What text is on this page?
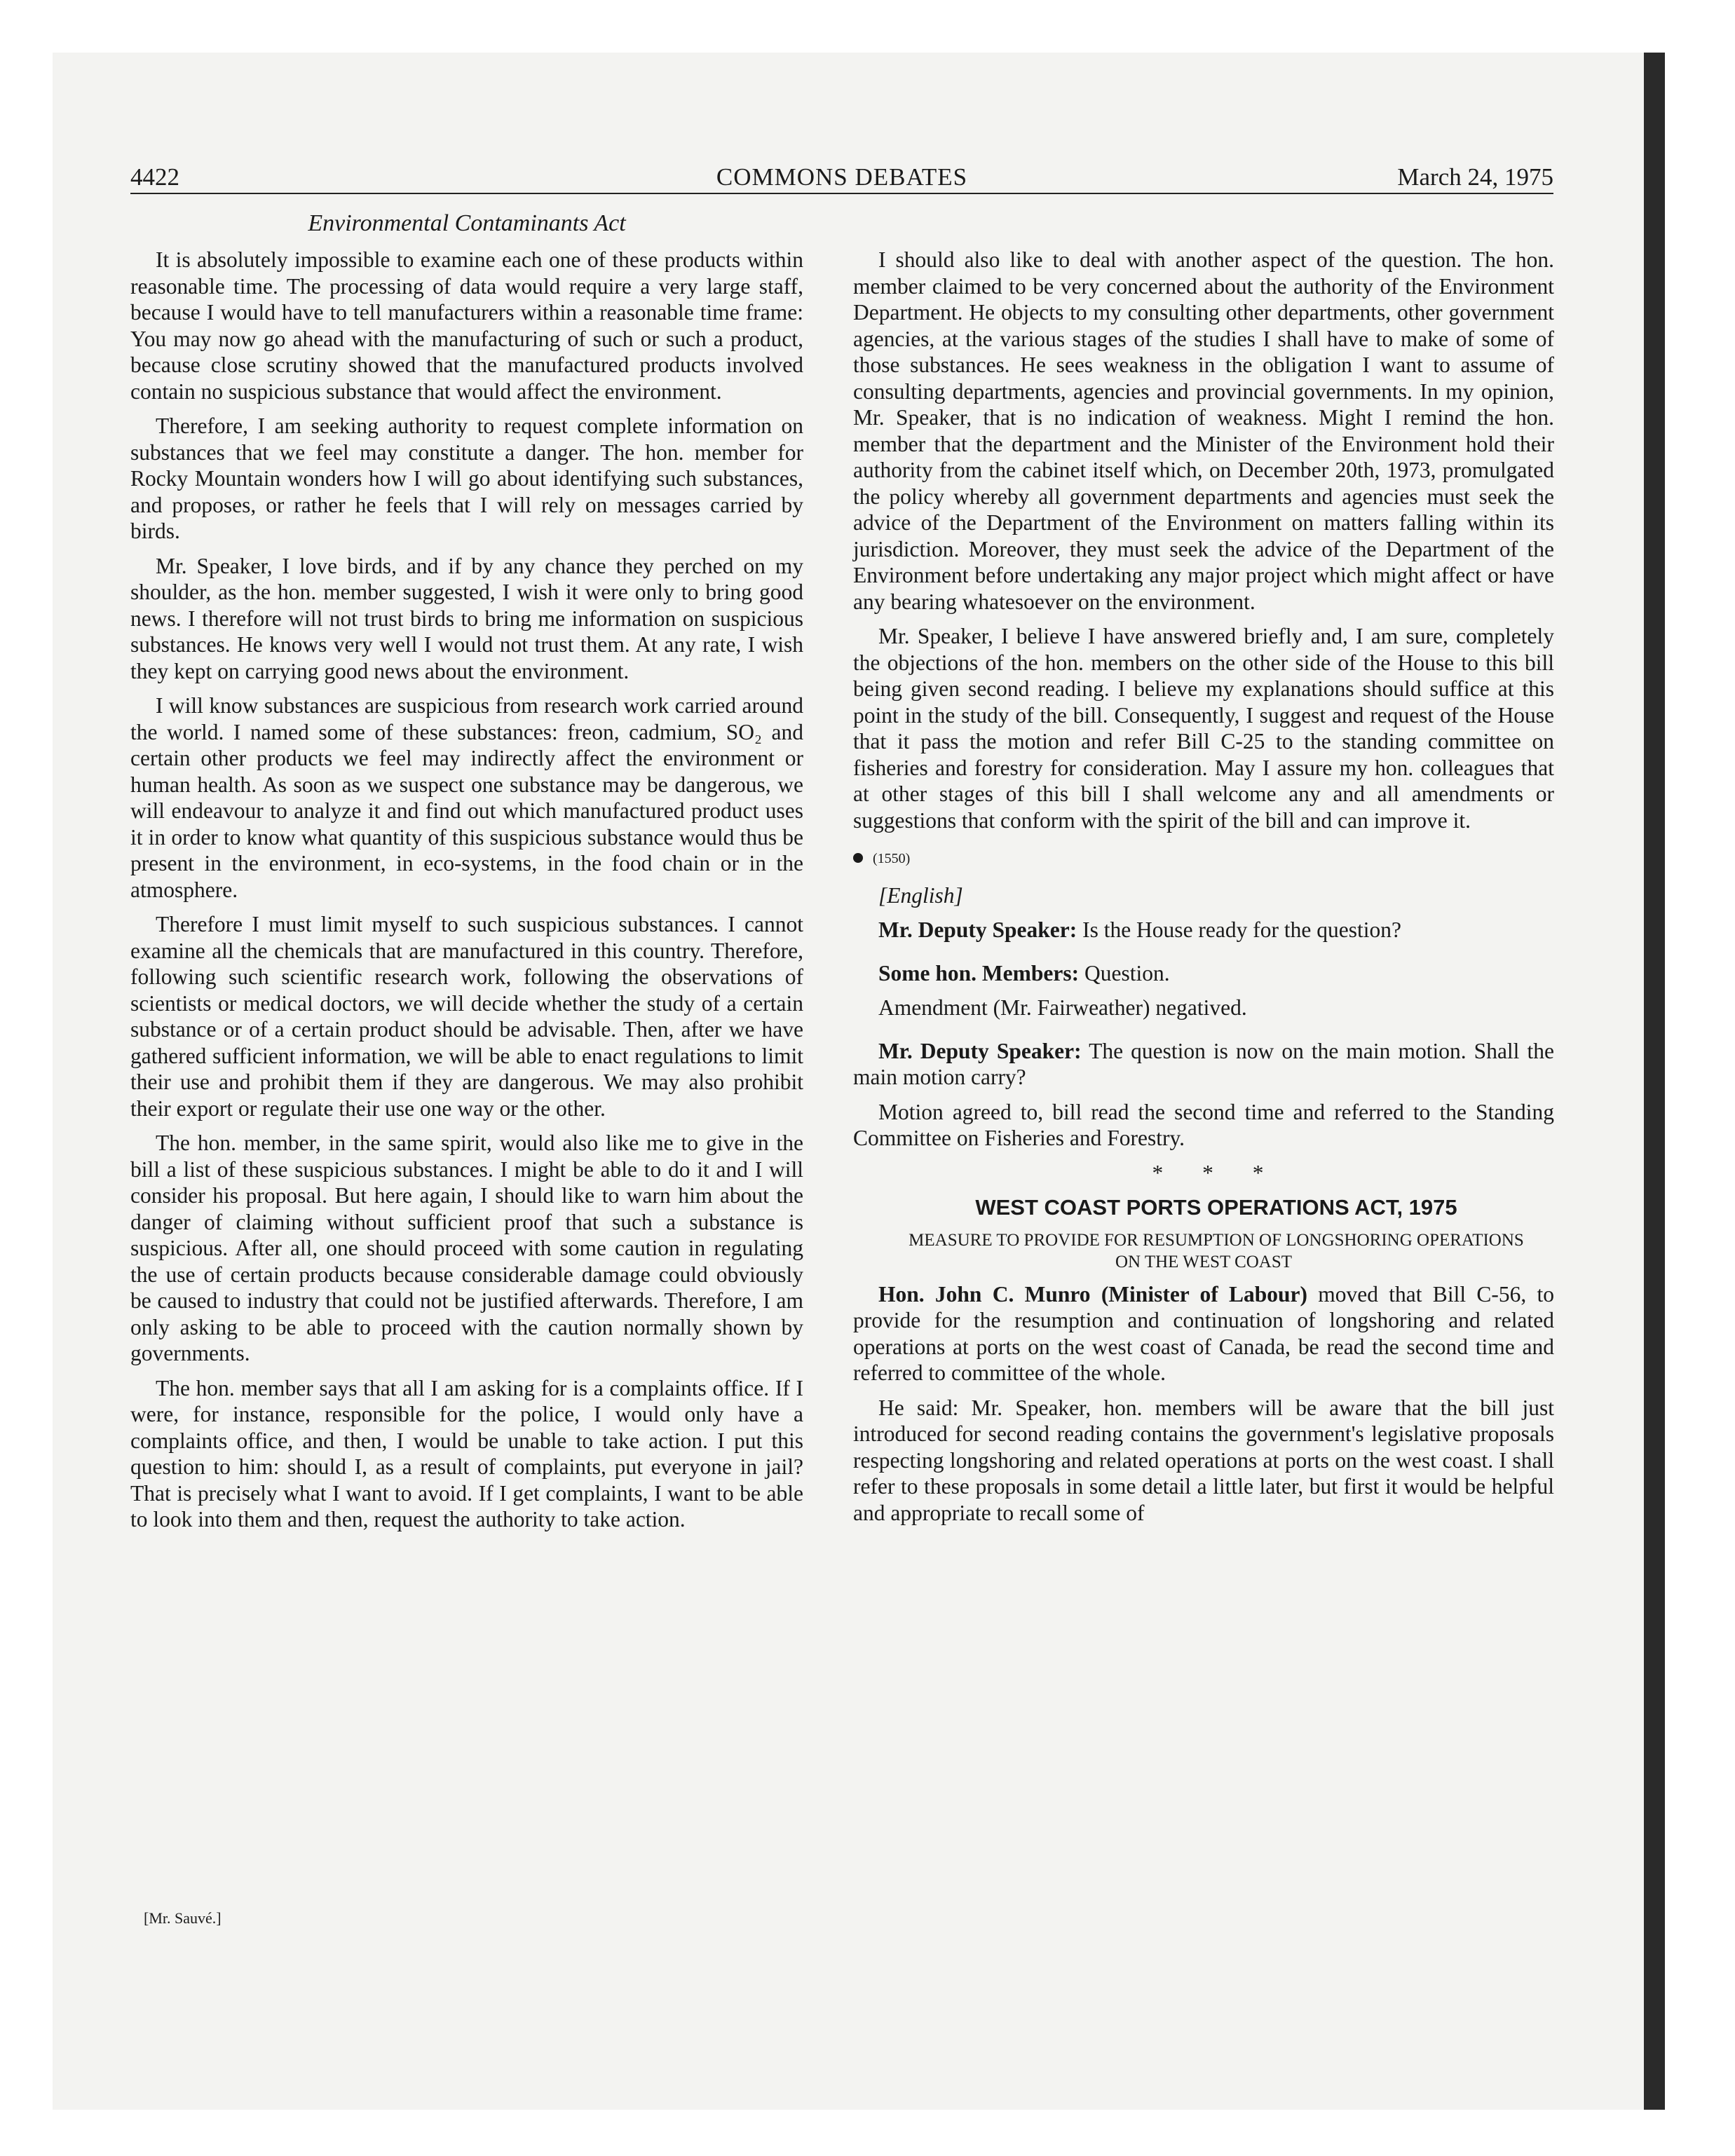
4422	COMMONS DEBATES	March 24, 1975
Environmental Contaminants Act

It is absolutely impossible to examine each one of these products within reasonable time. The processing of data would require a very large staff, because I would have to tell manufacturers within a reasonable time frame: You may now go ahead with the manufacturing of such or such a product, because close scrutiny showed that the manufactured products involved contain no suspicious substance that would affect the environment.

Therefore, I am seeking authority to request complete information on substances that we feel may constitute a danger. The hon. member for Rocky Mountain wonders how I will go about identifying such substances, and proposes, or rather he feels that I will rely on messages carried by birds.

Mr. Speaker, I love birds, and if by any chance they perched on my shoulder, as the hon. member suggested, I wish it were only to bring good news. I therefore will not trust birds to bring me information on suspicious substances. He knows very well I would not trust them. At any rate, I wish they kept on carrying good news about the environment.

I will know substances are suspicious from research work carried around the world. I named some of these substances: freon, cadmium, SO₂ and certain other products we feel may indirectly affect the environment or human health. As soon as we suspect one substance may be dangerous, we will endeavour to analyze it and find out which manufactured product uses it in order to know what quantity of this suspicious substance would thus be present in the environment, in eco-systems, in the food chain or in the atmosphere.

Therefore I must limit myself to such suspicious substances. I cannot examine all the chemicals that are manufactured in this country. Therefore, following such scientific research work, following the observations of scientists or medical doctors, we will decide whether the study of a certain substance or of a certain product should be advisable. Then, after we have gathered sufficient information, we will be able to enact regulations to limit their use and prohibit them if they are dangerous. We may also prohibit their export or regulate their use one way or the other.

The hon. member, in the same spirit, would also like me to give in the bill a list of these suspicious substances. I might be able to do it and I will consider his proposal. But here again, I should like to warn him about the danger of claiming without sufficient proof that such a substance is suspicious. After all, one should proceed with some caution in regulating the use of certain products because considerable damage could obviously be caused to industry that could not be justified afterwards. Therefore, I am only asking to be able to proceed with the caution normally shown by governments.

The hon. member says that all I am asking for is a complaints office. If I were, for instance, responsible for the police, I would only have a complaints office, and then, I would be unable to take action. I put this question to him: should I, as a result of complaints, put everyone in jail? That is precisely what I want to avoid. If I get complaints, I want to be able to look into them and then, request the authority to take action.

[Mr. Sauvé.]

I should also like to deal with another aspect of the question. The hon. member claimed to be very concerned about the authority of the Environment Department. He objects to my consulting other departments, other government agencies, at the various stages of the studies I shall have to make of some of those substances. He sees weakness in the obligation I want to assume of consulting departments, agencies and provincial governments. In my opinion, Mr. Speaker, that is no indication of weakness. Might I remind the hon. member that the department and the Minister of the Environment hold their authority from the cabinet itself which, on December 20th, 1973, promulgated the policy whereby all government departments and agencies must seek the advice of the Department of the Environment on matters falling within its jurisdiction. Moreover, they must seek the advice of the Department of the Environment before undertaking any major project which might affect or have any bearing whatesoever on the environment.

Mr. Speaker, I believe I have answered briefly and, I am sure, completely the objections of the hon. members on the other side of the House to this bill being given second reading. I believe my explanations should suffice at this point in the study of the bill. Consequently, I suggest and request of the House that it pass the motion and refer Bill C-25 to the standing committee on fisheries and forestry for consideration. May I assure my hon. colleagues that at other stages of this bill I shall welcome any and all amendments or suggestions that conform with the spirit of the bill and can improve it.

(1550)

[English]

Mr. Deputy Speaker: Is the House ready for the question?

Some hon. Members: Question.

Amendment (Mr. Fairweather) negatived.

Mr. Deputy Speaker: The question is now on the main motion. Shall the main motion carry?

Motion agreed to, bill read the second time and referred to the Standing Committee on Fisheries and Forestry.

* * *

WEST COAST PORTS OPERATIONS ACT, 1975

MEASURE TO PROVIDE FOR RESUMPTION OF LONGSHORING OPERATIONS ON THE WEST COAST

Hon. John C. Munro (Minister of Labour) moved that Bill C-56, to provide for the resumption and continuation of longshoring and related operations at ports on the west coast of Canada, be read the second time and referred to committee of the whole.

He said: Mr. Speaker, hon. members will be aware that the bill just introduced for second reading contains the government's legislative proposals respecting longshoring and related operations at ports on the west coast. I shall refer to these proposals in some detail a little later, but first it would be helpful and appropriate to recall some of
